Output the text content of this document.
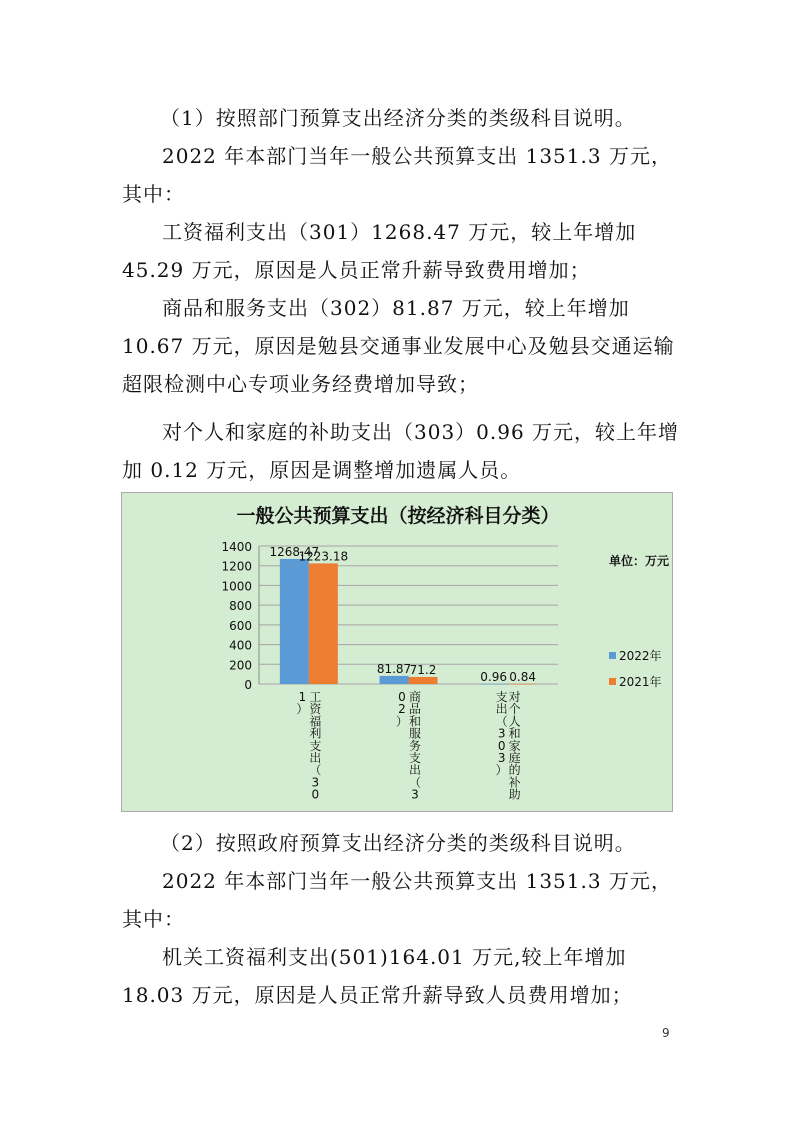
（1）按照部门预算支出经济分类的类级科目说明。
2022 年本部门当年一般公共预算支出 1351.3 万元，其中：
工资福利支出（301）1268.47 万元，较上年增加 45.29 万元，原因是人员正常升薪导致费用增加；
商品和服务支出（302）81.87 万元，较上年增加 10.67 万元，原因是勉县交通事业发展中心及勉县交通运输超限检测中心专项业务经费增加导致；
对个人和家庭的补助支出（303）0.96 万元，较上年增加 0.12 万元，原因是调整增加遗属人员。
一般公共预算支出（按经济科目分类）
单位：万元
0
200
400
600
800
1000
1200
1400 1268.47
1223.18
工
资
福
利
支
出
（
3
0
1
）
81.87
71.2
商
品
和
服
务
支
出
（
3
0
2
）
0.96 0.84
对
个
人
和
家
庭
的
补
助
支
出
（
3
0
3
）
2022年
2021年
（2）按照政府预算支出经济分类的类级科目说明。
2022 年本部门当年一般公共预算支出 1351.3 万元，其中：
机关工资福利支出(501)164.01 万元,较上年增加 18.03 万元，原因是人员正常升薪导致人员费用增加；
9
